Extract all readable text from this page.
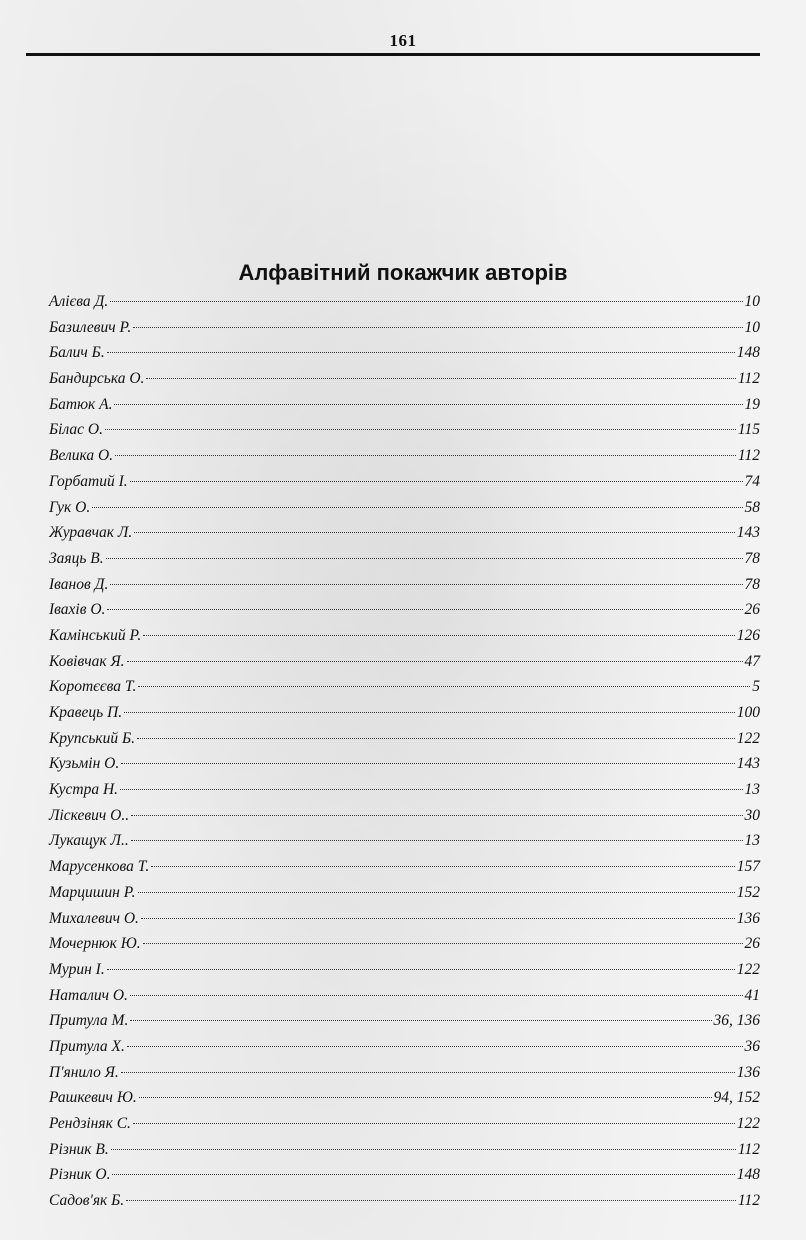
161
Алфавітний покажчик авторів
Алієва Д.	10
Базилевич Р.	10
Балич Б.	148
Бандирська О.	112
Батюк А.	19
Білас О.	115
Велика О.	112
Горбатий І.	74
Гук О.	58
Журавчак Л.	143
Заяць В.	78
Іванов Д.	78
Івахів О.	26
Камінський Р.	126
Ковівчак Я.	47
Коротєєва Т.	5
Кравець П.	100
Крупський Б.	122
Кузьмін О.	143
Кустра Н.	13
Ліскевич О..	30
Лукащук Л..	13
Марусенкова Т.	157
Марцишин Р.	152
Михалевич О.	136
Мочернюк Ю.	26
Мурин І.	122
Наталич О.	41
Притула М.	36, 136
Притула Х.	36
П'янило Я.	136
Рашкевич Ю.	94, 152
Рендзіняк С.	122
Різник В.	112
Різник О.	148
Садов'як Б.	112
